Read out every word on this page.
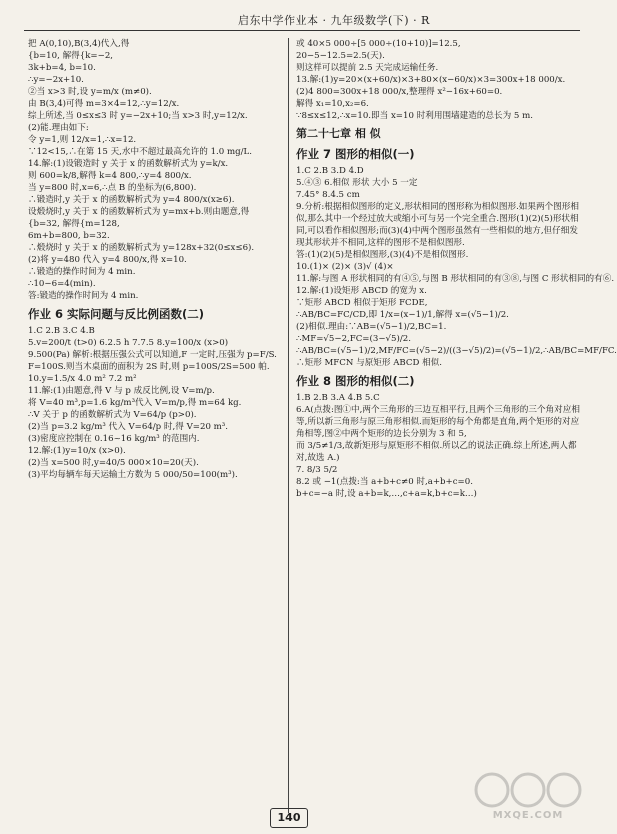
启东中学作业本 · 九年级数学(下) · R
把 A(0,10),B(3,4)代入,得
{b=10, 解得{k=−2,
3k+b=4, b=10.
∴y=−2x+10.
②当 x>3 时,设 y=m/x (m≠0).
由 B(3,4)可得 m=3×4=12,∴y=12/x.
综上所述,当 0≤x≤3 时 y=−2x+10;当 x>3 时,y=12/x.
(2)能.理由如下:
令 y=1,则 12/x=1,∴x=12.
∵12<15,∴在第 15 天,水中不超过最高允许的 1.0 mg/L.
14.解:(1)设锻造时 y 关于 x 的函数解析式为 y=k/x.
则 600=k/8,解得 k=4 800,∴y=4 800/x.
当 y=800 时,x=6,∴点 B 的坐标为(6,800).
∴锻造时,y 关于 x 的函数解析式为 y=4 800/x(x≥6).
设煅烧时,y 关于 x 的函数解析式为 y=mx+b.则由题意,得
{b=32, 解得{m=128,
6m+b=800, b=32.
∴煅烧时 y 关于 x 的函数解析式为 y=128x+32(0≤x≤6).
(2)将 y=480 代入 y=4 800/x,得 x=10.
∴锻造的操作时间为 4 min.
∴10−6=4(min).
答:锻造的操作时间为 4 min.
作业 6 实际问题与反比例函数(二)
1.C 2.B 3.C 4.B
5.v=200/t (t>0) 6.2.5 h 7.7.5 8.y=100/x (x>0)
9.500(Pa) 解析:根据压强公式可以知道,F 一定时,压强为 p=F/S.
F=100S.则当木桌面的面积为 2S 时,则 p=100S/2S=500 帕.
10.y=1.5/x 4.0 m² 7.2 m²
11.解:(1)由题意,得 V 与 p 成反比例,设 V=m/p.
将 V=40 m³,p=1.6 kg/m³代入 V=m/p,得 m=64 kg.
∴V 关于 p 的函数解析式为 V=64/p (p>0).
(2)当 p=3.2 kg/m³ 代入 V=64/p 时,得 V=20 m³.
(3)密度应控制在 0.16~16 kg/m³ 的范围内.
12.解:(1)y=10/x (x>0).
(2)当 x=500 时,y=40/5 000×10=20(天).
(3)平均每辆车每天运输土方数为 5 000/50=100(m³).
或 40×5 000÷[5 000÷(10+10)]=12.5,
20−5−12.5=2.5(天).
则这样可以提前 2.5 天完成运输任务.
13.解:(1)y=20×(x+60/x)×3+80×(x−60/x)×3=300x+18 000/x.
(2)4 800=300x+18 000/x,整理得 x²−16x+60=0.
解得 x₁=10,x₂=6.
∵8≤x≤12,∴x=10.即当 x=10 时利用围墙建造的总长为 5 m.
第二十七章 相 似
作业 7 图形的相似(一)
1.C 2.B 3.D 4.D
5.④③ 6.相似 形状 大小 5 一定
7.45° 8.4.5 cm
9.分析:根据相似图形的定义,形状相同的图形称为相似图形.如果两个图形相似,那么其中一个经过放大或缩小可与另一个完全重合.图形(1)(2)(5)形状相同,可以看作相似图形;而(3)(4)中两个图形虽然有一些相似的地方,但仔细发现其形状并不相同,这样的图形不是相似图形.
答:(1)(2)(5)是相似图形,(3)(4)不是相似图形.
10.(1)× (2)× (3)√ (4)×
11.解:与图 A 形状相同的有④⑤,与图 B 形状相同的有③⑧,与图 C 形状相同的有⑥.
12.解:(1)设矩形 ABCD 的宽为 x.
∵矩形 ABCD 相似于矩形 FCDE,
∴AB/BC=FC/CD,即 1/x=(x−1)/1,解得 x=(√5−1)/2.
(2)相似.理由:∵AB=(√5−1)/2,BC=1.
∴MF=√5−2,FC=(3−√5)/2.
∴AB/BC=(√5−1)/2,MF/FC=(√5−2)/((3−√5)/2)=(√5−1)/2,∴AB/BC=MF/FC.
∴矩形 MFCN 与原矩形 ABCD 相似.
作业 8 图形的相似(二)
1.B 2.B 3.A 4.B 5.C
6.A(点拨:图①中,两个三角形的三边互相平行,且两个三角形的三个角对应相等,所以新三角形与原三角形相似.而矩形的每个角都是直角,两个矩形的对应角相等,图②中两个矩形的边长分别为 3 和 5,
而 3/5≠1/3,故新矩形与原矩形不相似.所以乙的说法正确.综上所述,两人都对,故选 A.)
7. 8/3 5/2
8.2 或 −1(点拨:当 a+b+c≠0 时,a+b+c=0.
b+c=−a 时,设 a+b=k,…,c+a=k,b+c=k…)
140	MXQE.COM
